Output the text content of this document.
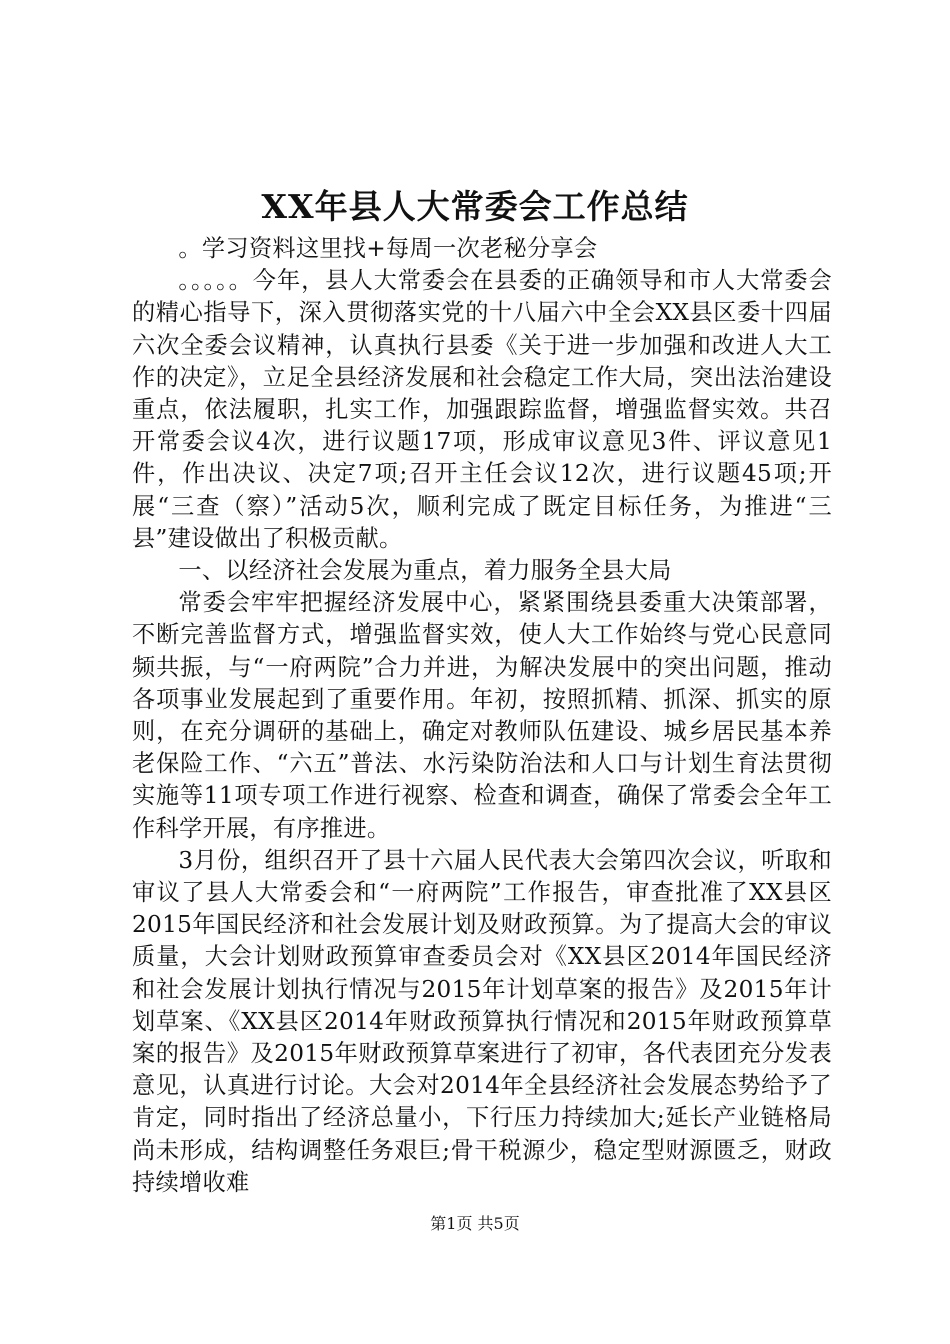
XX年县人大常委会工作总结

。学习资料这里找+每周一次老秘分享会

。。。。。今年，县人大常委会在县委的正确领导和市人大常委会的精心指导下，深入贯彻落实党的十八届六中全会XX县区委十四届六次全委会议精神，认真执行县委《关于进一步加强和改进人大工作的决定》，立足全县经济发展和社会稳定工作大局，突出法治建设重点，依法履职，扎实工作，加强跟踪监督，增强监督实效。共召开常委会议4次，进行议题17项，形成审议意见3件、评议意见1件，作出决议、决定7项;召开主任会议12次，进行议题45项;开展“三查（察）”活动5次，顺利完成了既定目标任务，为推进“三县”建设做出了积极贡献。

一、以经济社会发展为重点，着力服务全县大局

常委会牢牢把握经济发展中心，紧紧围绕县委重大决策部署，不断完善监督方式，增强监督实效，使人大工作始终与党心民意同频共振，与“一府两院”合力并进，为解决发展中的突出问题，推动各项事业发展起到了重要作用。年初，按照抓精、抓深、抓实的原则，在充分调研的基础上，确定对教师队伍建设、城乡居民基本养老保险工作、“六五”普法、水污染防治法和人口与计划生育法贯彻实施等11项专项工作进行视察、检查和调查，确保了常委会全年工作科学开展，有序推进。

3月份，组织召开了县十六届人民代表大会第四次会议，听取和审议了县人大常委会和“一府两院”工作报告，审查批准了XX县区2015年国民经济和社会发展计划及财政预算。为了提高大会的审议质量，大会计划财政预算审查委员会对《XX县区2014年国民经济和社会发展计划执行情况与2015年计划草案的报告》及2015年计划草案、《XX县区2014年财政预算执行情况和2015年财政预算草案的报告》及2015年财政预算草案进行了初审，各代表团充分发表意见，认真进行讨论。大会对2014年全县经济社会发展态势给予了肯定，同时指出了经济总量小，下行压力持续加大;延长产业链格局尚未形成，结构调整任务艰巨;骨干税源少，稳定型财源匮乏，财政持续增收难

第1页 共5页
